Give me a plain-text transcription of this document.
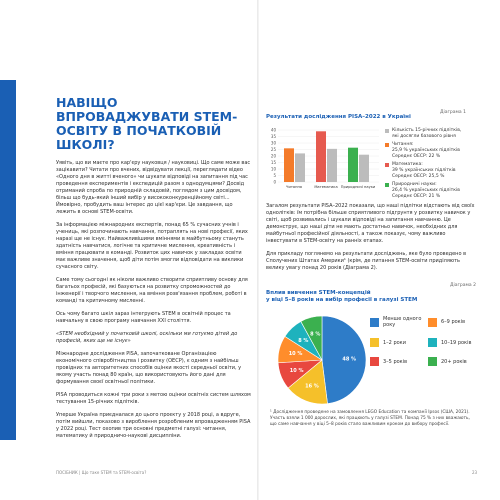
НАВІЩО ВПРОВАДЖУВАТИ STEM-ОСВІТУ В ПОЧАТКОВІЙ ШКОЛІ?

Уявіть, що ви маєте про кар'єру науковця / науковиці. Що саме може вас зацікавити? Читати про вчених, відвідувати лекції, переглядати відео «Одного дня в житті вченого» чи шукати відповіді на запитання під час проведення експериментів і експедицій разом з однодумцями? Досвід отриманий спроба по природній складовій, поглядом з цим досвідом, більш що будь-який інший вибір у висококонкуренційному світі... Ймовірно, пробудить ваш інтерес до цієї кар'єри. Це завдання, що лежить в основі STEM-освіти.

За інформацією міжнародних експертів, понад 65 % сучасних учнів і учениць, які розпочинають навчання, потраплять на нові професії, яких наразі ще не існує. Найважливішими вміннями в майбутньому стануть здатність навчатися, логічне та критичне мислення, креативність і вміння працювати в команді. Розвиток цих навичок у закладах освіти має важливе значення, щоб діти потім змогли відповідати на виклики сучасного світу.

Саме тому сьогодні як ніколи важливо створити сприятливу основу для багатьох професій, які базуються на розвитку спроможностей до інженерії і творчого мислення, на вміння розв'язання проблем, роботі в команді та критичному мисленні.

Ось чому багато шкіл зараз інтегрують STEM в освітній процес та навчальну в свою програму навчання XXI століття.

«STEM необхідний у початковій школі, оскільки ми готуємо дітей до професій, яких ще не існує»

Міжнародне дослідження PISA, започатковане Організацією економічного співробітництва і розвитку (ОЕСР), є одним з найбільш провідних та авторитетних способів оцінки якості середньої освіти, у якому участь понад 80 країн, що використовують його дані для формування своєї освітньої політики.

PISA проводиться кожні три роки з метою оцінки освітніх систем шляхом тестування 15-річних підлітків.

Уперше Україна приєдналася до цього проєкту у 2018 році, а вдруге, потім вийшли, показово з вироблення розробленим впровадженням PISA у 2022 році. Тест охопив три основні предметні галузі: читання, математику й природничо-наукові дисципліни.

ПОСІБНИК | Що таке STEM та STEM-освіта?
Діаграма 1
Результати дослідження PISA–2022 в Україні
0
5
10
15
20
25
30
35
40
Читання	Математика Природничі науки
Кількість 15-річних підлітків,
які досягли базового рівня
Читання:
25,9 % українських підлітків
Середнє ОЕСР: 22 %
Математика:
39 % українських підлітків
Середнє ОЕСР: 25,5 %
Природничі науки:
26,4 % українських підлітків
Середнє ОЕСР: 21 %

Загалом результати PISA–2022 показали, що наші підлітки відстають від своїх однолітків: їм потрібна більше сприятливого підгрунтя у розвитку навичок у світі, щоб розвивались і шукали відповіді на запитання навчанню. Це демонструє, що наші діти не мають достатньо навичок, необхідних для майбутньої професійної діяльності, а також показує, чому важливо інвестувати в STEM-освіту на ранніх етапах.

Для прикладу поглянемо на результати досліджень, яке було проведено в Сполучених Штатах Америки¹ (крім, де питання STEM-освіти приділяють велику увагу понад 20 років (Діаграма 2).

Діаграма 2
Вплив вивчення STEM-концепцій
у віці 5–8 років на вибір професії в галузі STEM
48 %
16 %
10 %
10 %
8 %
8 %
Менше одного року	6–9 років
1–2 роки	10–19 років
3–5 років	20+ років
¹ Дослідження проведене на замовлення LEGO Education та компанії Ipsos (США, 2021). Участь взяли 1 000 дорослих, які працюють у галузі STEM. Понад 75 % з них вважають, що саме навчання у віці 5–8 років стало важливим кроком до вибору професії.
23
